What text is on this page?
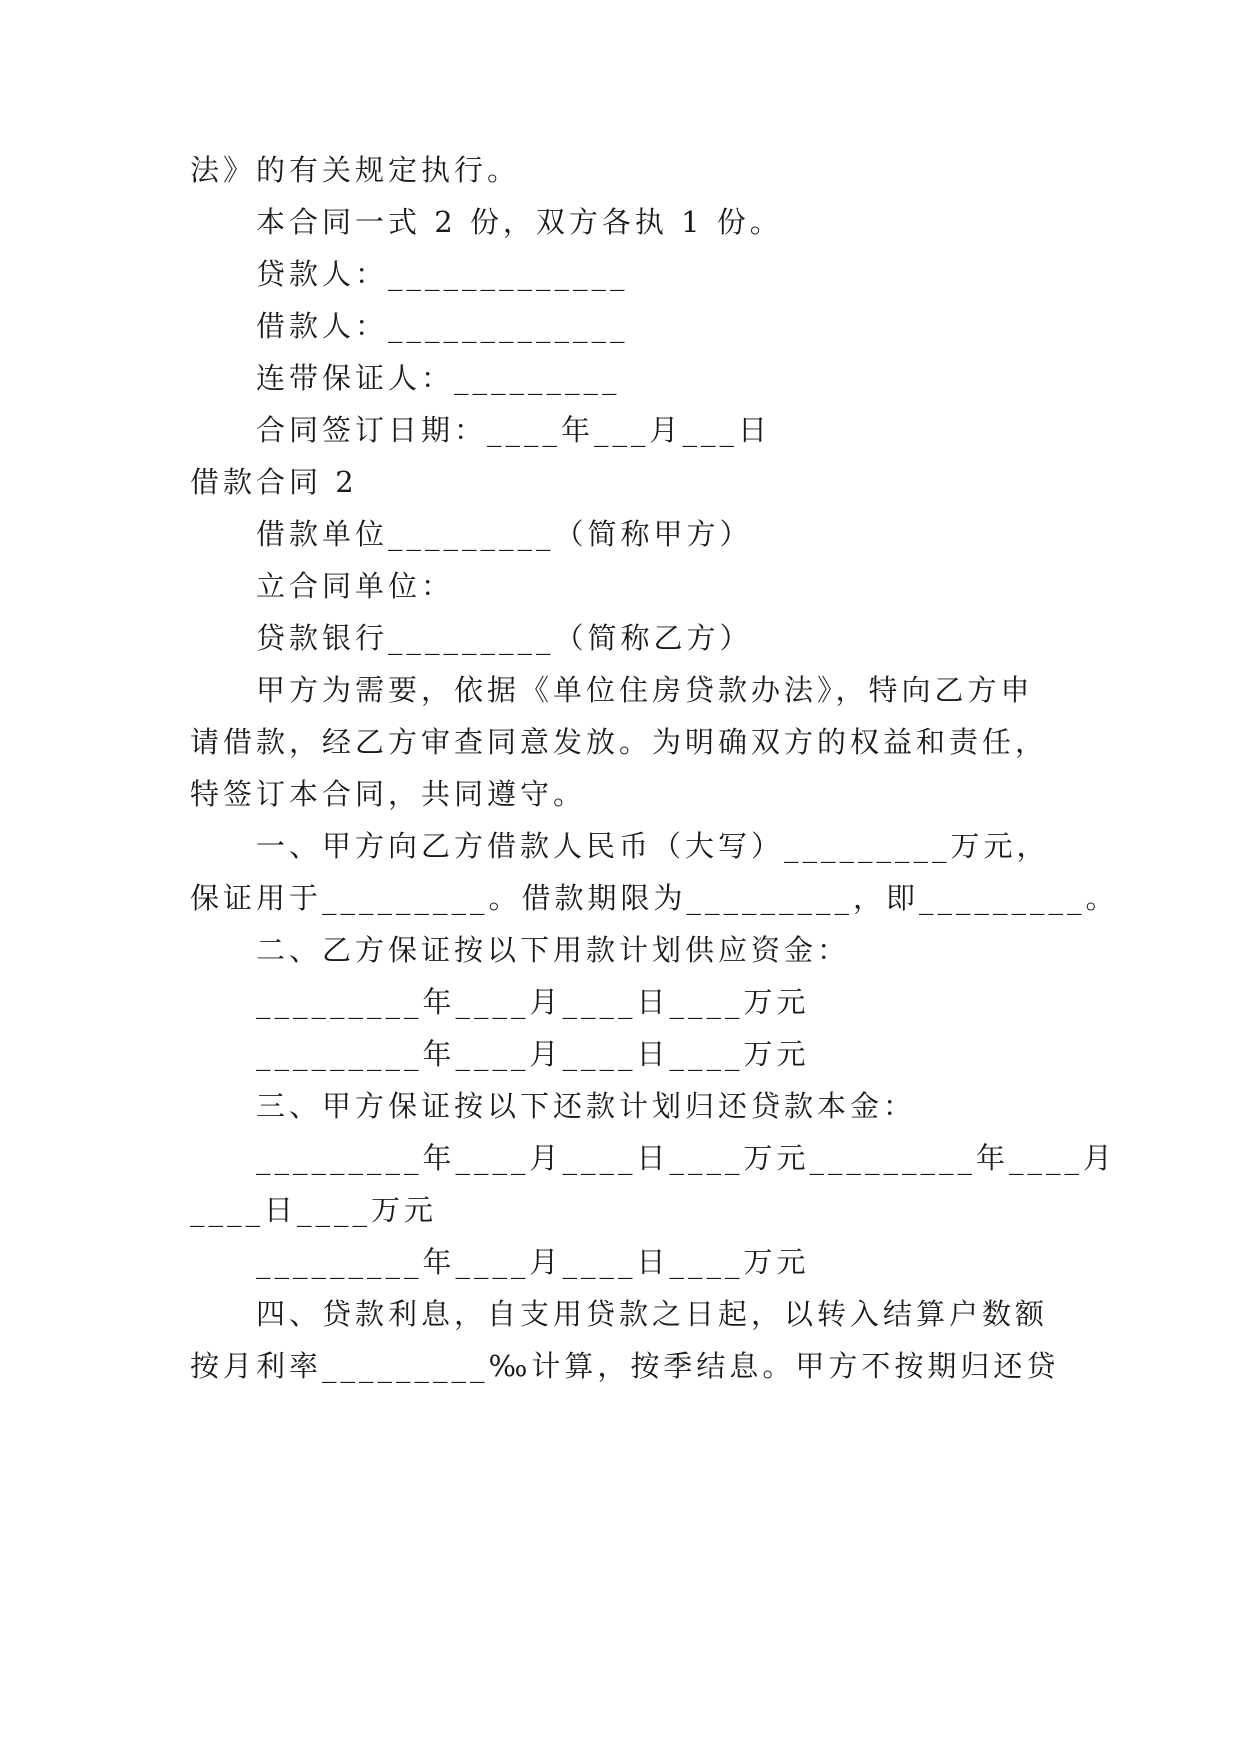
法》的有关规定执行。

本合同一式 2 份，双方各执 1 份。

贷款人：_____________

借款人：_____________

连带保证人：_________

合同签订日期：____年___月___日

借款合同 2

借款单位_________（简称甲方）

立合同单位：

贷款银行_________（简称乙方）

甲方为需要，依据《单位住房贷款办法》，特向乙方申

请借款，经乙方审查同意发放。为明确双方的权益和责任，

特签订本合同，共同遵守。

一、甲方向乙方借款人民币（大写）_________万元，

保证用于_________。借款期限为_________，即_________。

二、乙方保证按以下用款计划供应资金：

_________年____月____日____万元

_________年____月____日____万元

三、甲方保证按以下还款计划归还贷款本金：

_________年____月____日____万元_________年____月

____日____万元

_________年____月____日____万元

四、贷款利息，自支用贷款之日起，以转入结算户数额

按月利率_________‰计算，按季结息。甲方不按期归还贷
